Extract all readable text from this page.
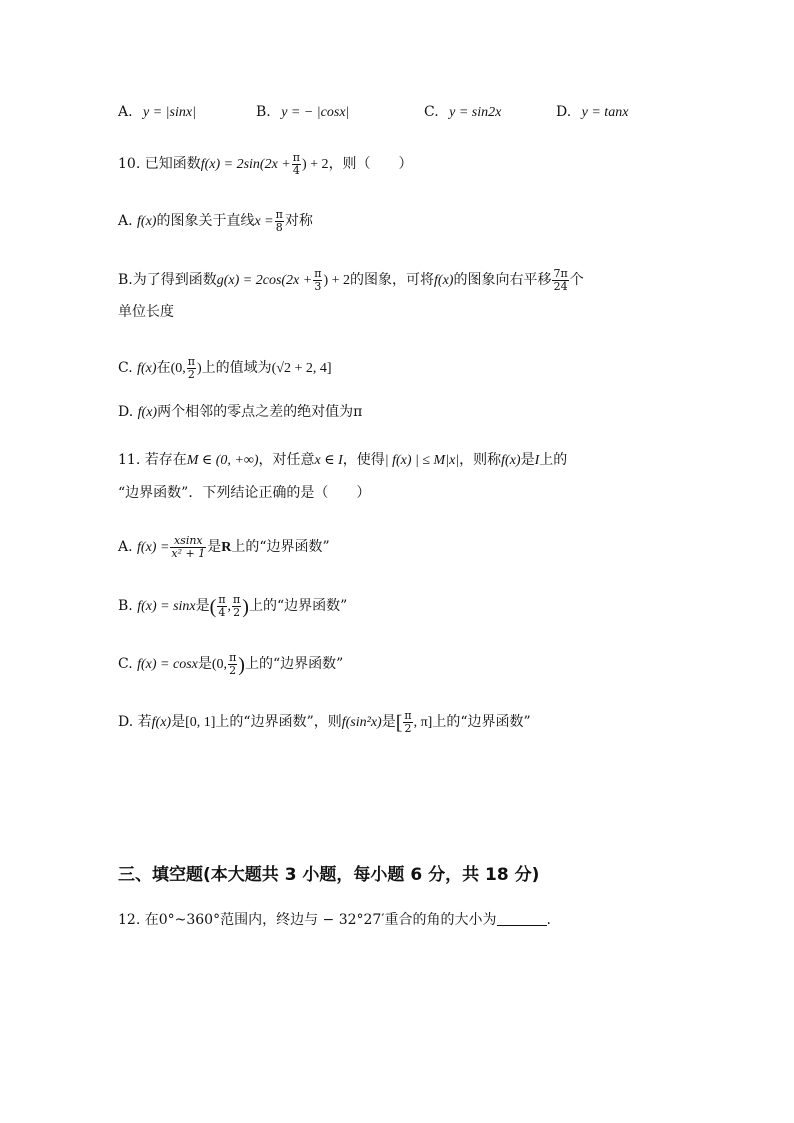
A. y = |sinx|	B. y = − |cosx|	C. y = sin2x	D. y = tanx
10. 已知函数$f(x) = 2\sin(2x + \frac{\pi}{4}$ ) + 2，则（　　）
A. f(x)的图象关于直线$x = \frac{\pi}{8}$ 对称
B.为了得到函数$g(x) = 2\cos(2x + \frac{\pi}{3}$ ) + 2的图象，可将f(x)的图象向右平移 $\frac{7\pi}{24}$ 个
单位长度
C. f(x)在(0, $\frac{\pi}{2}$ )上的值域为(√2 + 2, 4]
D. f(x)两个相邻的零点之差的绝对值为π
11. 若存在M ∈ (0, +∞)，对任意x ∈ I，使得| f(x) | ≤ M|x|，则称f(x)是I上的
“边界函数”．下列结论正确的是（　　）
A. $f(x) = \frac{xsinx}{\text{x² + 1}}$ 是R上的“边界函数”
B. f(x) = sinx是( $\frac{\pi}{4}$ , $\frac{\pi}{2}$ )上的“边界函数”
C. f(x) = cosx是(0, $\frac{\pi}{2}$ )上的“边界函数”
D. 若f(x)是[0, 1]上的“边界函数”，则f(sin²x)是[ $\frac{\pi}{2}$ , π]上的“边界函数”
三、填空题(本大题共 3 小题，每小题 6 分，共 18 分)
12. 在0°~360°范围内，终边与 − 32°27′重合的角的大小为	.
